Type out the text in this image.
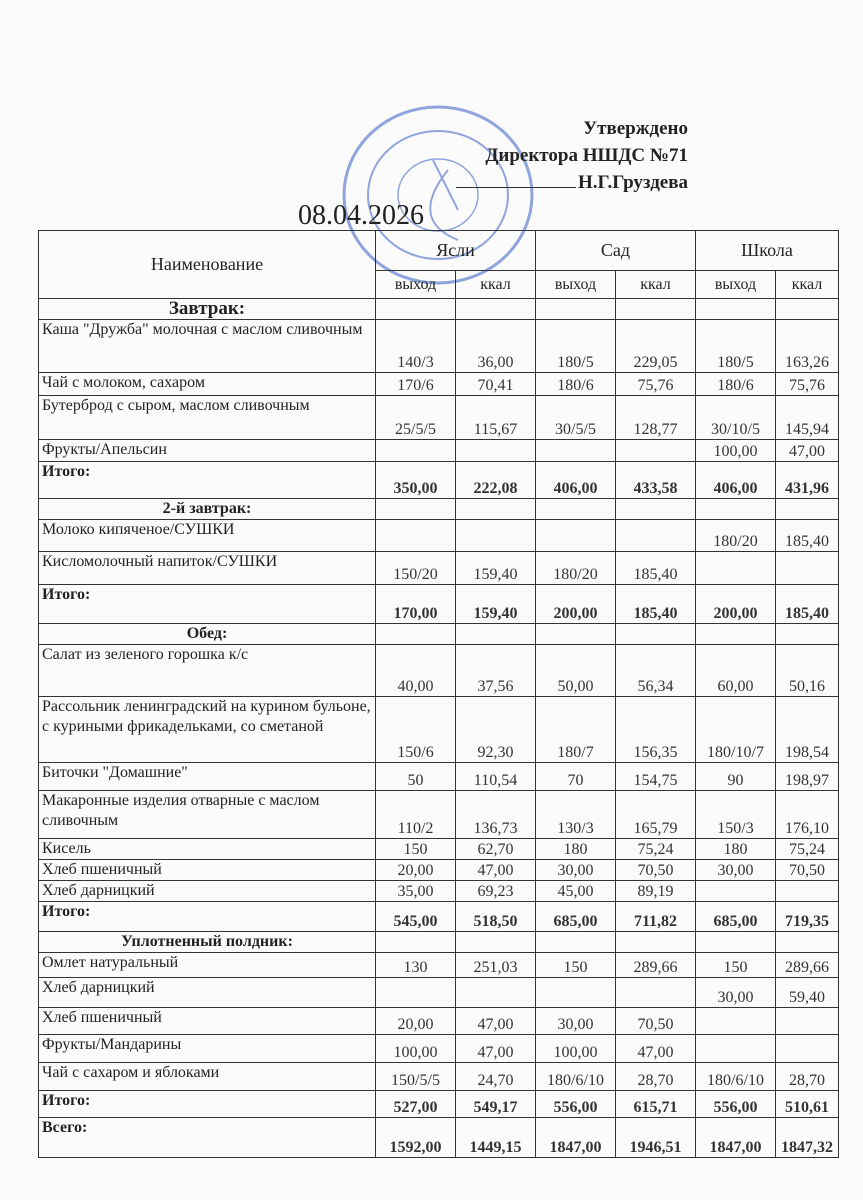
Утверждено
Директора НШДС №71
Н.Г.Груздева
08.04.2026
Наименование	Ясли		Сад		Школа	
	выход	ккал	выход	ккал	выход	ккал
Завтрак:						
Каша "Дружба" молочная с маслом сливочным	140/3	36,00	180/5	229,05	180/5	163,26
Чай с молоком, сахаром	170/6	70,41	180/6	75,76	180/6	75,76
Бутерброд с сыром, маслом сливочным	25/5/5	115,67	30/5/5	128,77	30/10/5	145,94
Фрукты/Апельсин					100,00	47,00
Итого:	350,00	222,08	406,00	433,58	406,00	431,96
2-й завтрак:						
Молоко кипяченое/СУШКИ					180/20	185,40
Кисломолочный напиток/СУШКИ	150/20	159,40	180/20	185,40		
Итого:	170,00	159,40	200,00	185,40	200,00	185,40
Обед:						
Салат из зеленого горошка к/с	40,00	37,56	50,00	56,34	60,00	50,16
Рассольник ленинградский на курином бульоне, с куриными фрикадельками, со сметаной	150/6	92,30	180/7	156,35	180/10/7	198,54
Биточки "Домашние"	50	110,54	70	154,75	90	198,97
Макаронные изделия отварные с маслом сливочным	110/2	136,73	130/3	165,79	150/3	176,10
Кисель	150	62,70	180	75,24	180	75,24
Хлеб пшеничный	20,00	47,00	30,00	70,50	30,00	70,50
Хлеб дарницкий	35,00	69,23	45,00	89,19		
Итого:	545,00	518,50	685,00	711,82	685,00	719,35
Уплотненный полдник:						
Омлет натуральный	130	251,03	150	289,66	150	289,66
Хлеб дарницкий					30,00	59,40
Хлеб пшеничный	20,00	47,00	30,00	70,50		
Фрукты/Мандарины	100,00	47,00	100,00	47,00		
Чай с сахаром и яблоками	150/5/5	24,70	180/6/10	28,70	180/6/10	28,70
Итого:	527,00	549,17	556,00	615,71	556,00	510,61
Всего:	1592,00	1449,15	1847,00	1946,51	1847,00	1847,32
